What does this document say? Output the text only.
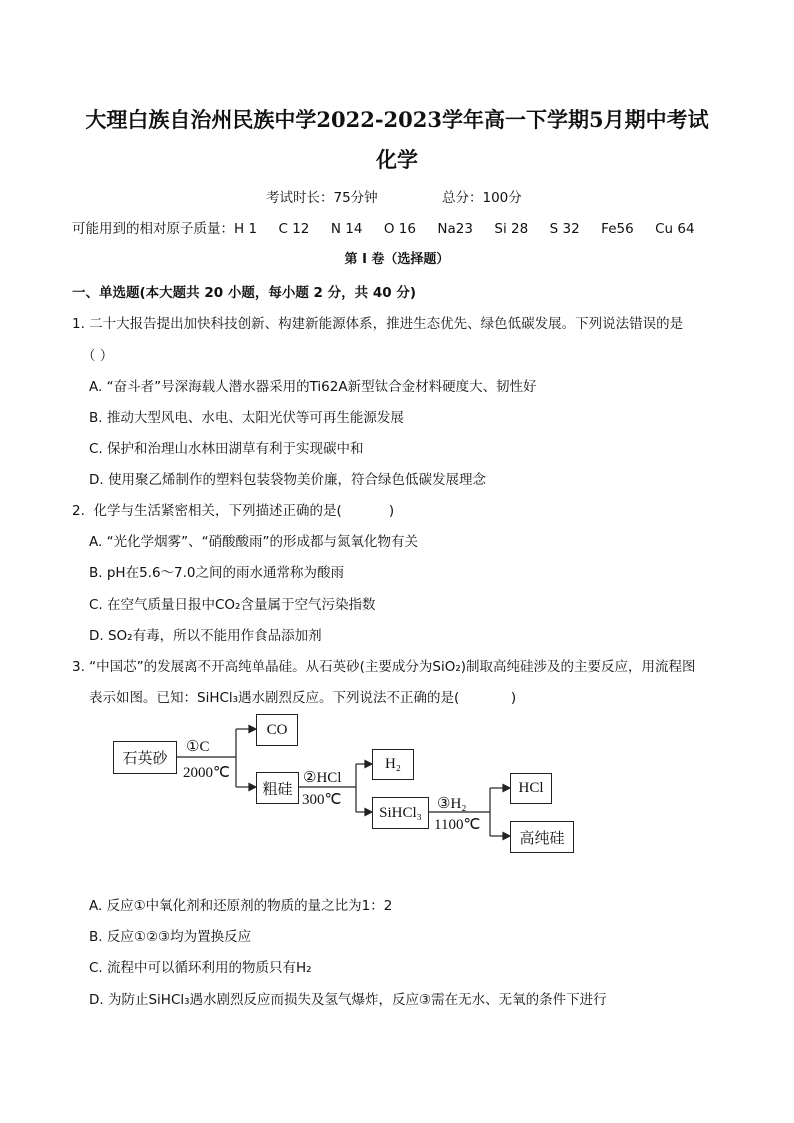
大理白族自治州民族中学2022-2023学年高一下学期5月期中考试
化学
考试时长：75分钟	总分：100分
可能用到的相对原子质量：H 1     C 12     N 14     O 16     Na23     Si 28     S 32     Fe56     Cu 64
第 I 卷（选择题）
一、单选题(本大题共 20 小题，每小题 2 分，共 40 分)
1. 二十大报告提出加快科技创新、构建新能源体系，推进生态优先、绿色低碳发展。下列说法错误的是
（ ）
A. “奋斗者”号深海载人潜水器采用的Ti62A新型钛合金材料硬度大、韧性好
B. 推动大型风电、水电、太阳光伏等可再生能源发展
C. 保护和治理山水林田湖草有利于实现碳中和
D. 使用聚乙烯制作的塑料包装袋物美价廉，符合绿色低碳发展理念
2.  化学与生活紧密相关，下列描述正确的是(           )
A. “光化学烟雾”、“硝酸酸雨”的形成都与氮氧化物有关
B. pH在5.6～7.0之间的雨水通常称为酸雨
C. 在空气质量日报中CO₂含量属于空气污染指数
D. SO₂有毒，所以不能用作食品添加剂
3. “中国芯”的发展离不开高纯单晶硅。从石英砂(主要成分为SiO₂)制取高纯硅涉及的主要反应，用流程图
表示如图。已知：SiHCl₃遇水剧烈反应。下列说法不正确的是(            )
石英砂
①C
2000℃
CO
粗硅
②HCl
300℃
H₂
SiHCl₃
③H₂
1100℃
HCl
高纯硅
A. 反应①中氧化剂和还原剂的物质的量之比为1：2
B. 反应①②③均为置换反应
C. 流程中可以循环利用的物质只有H₂
D. 为防止SiHCl₃遇水剧烈反应而损失及氢气爆炸，反应③需在无水、无氧的条件下进行
